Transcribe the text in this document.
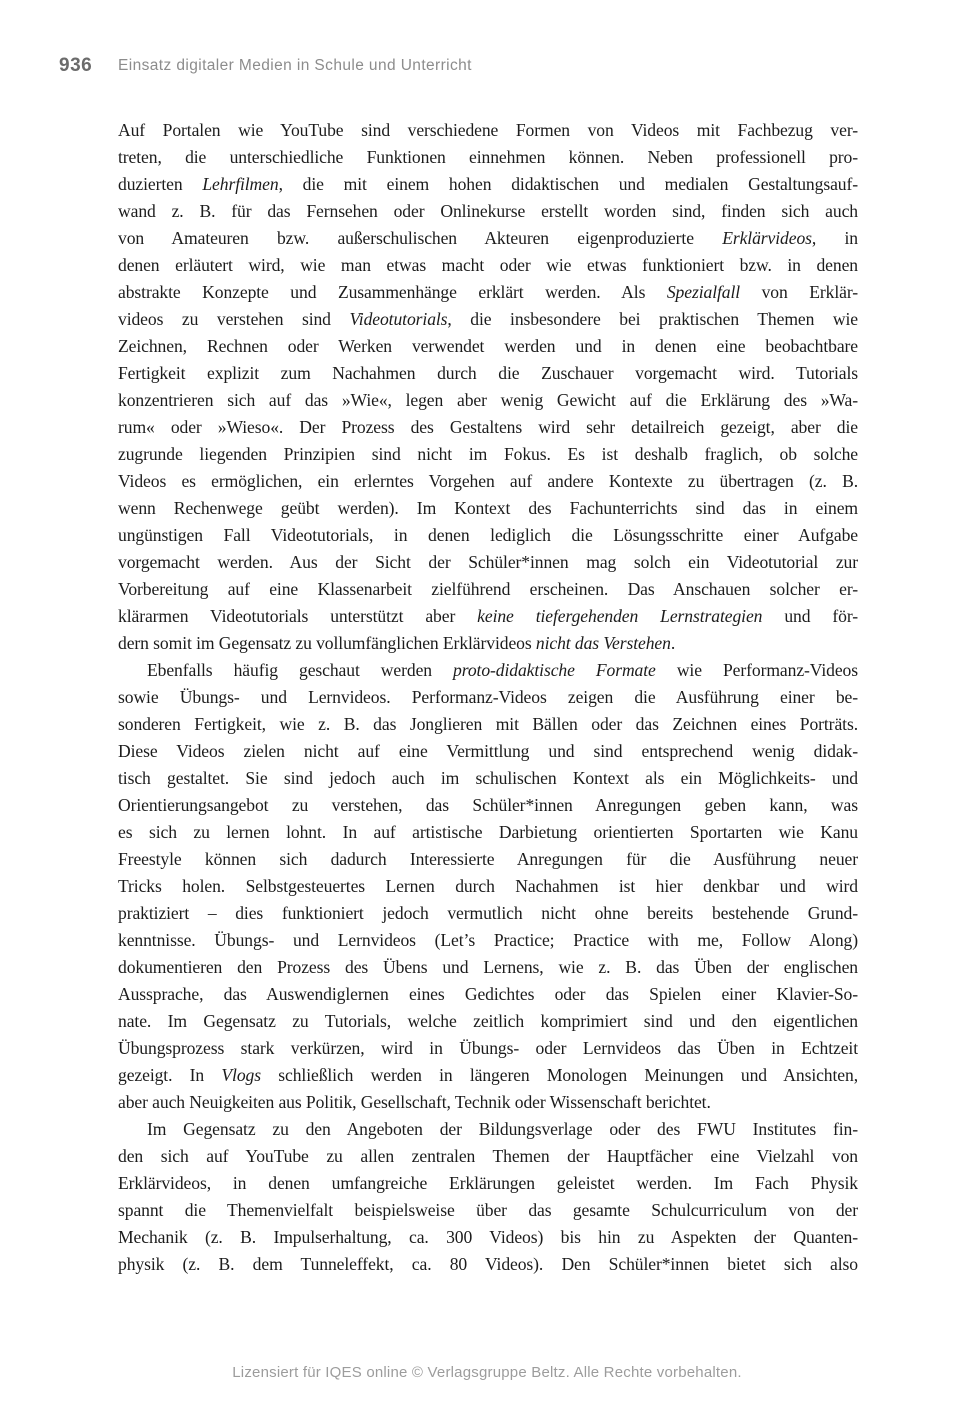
936 Einsatz digitaler Medien in Schule und Unterricht
Auf Portalen wie YouTube sind verschiedene Formen von Videos mit Fachbezug ver-
treten, die unterschiedliche Funktionen einnehmen können. Neben professionell pro-
duzierten Lehrfilmen, die mit einem hohen didaktischen und medialen Gestaltungsauf-
wand z. B. für das Fernsehen oder Onlinekurse erstellt worden sind, finden sich auch
von Amateuren bzw. außerschulischen Akteuren eigenproduzierte Erklärvideos, in
denen erläutert wird, wie man etwas macht oder wie etwas funktioniert bzw. in denen
abstrakte Konzepte und Zusammenhänge erklärt werden. Als Spezialfall von Erklär-
videos zu verstehen sind Videotutorials, die insbesondere bei praktischen Themen wie
Zeichnen, Rechnen oder Werken verwendet werden und in denen eine beobachtbare
Fertigkeit explizit zum Nachahmen durch die Zuschauer vorgemacht wird. Tutorials
konzentrieren sich auf das »Wie«, legen aber wenig Gewicht auf die Erklärung des »Wa-
rum« oder »Wieso«. Der Prozess des Gestaltens wird sehr detailreich gezeigt, aber die
zugrunde liegenden Prinzipien sind nicht im Fokus. Es ist deshalb fraglich, ob solche
Videos es ermöglichen, ein erlerntes Vorgehen auf andere Kontexte zu übertragen (z. B.
wenn Rechenwege geübt werden). Im Kontext des Fachunterrichts sind das in einem
ungünstigen Fall Videotutorials, in denen lediglich die Lösungsschritte einer Aufgabe
vorgemacht werden. Aus der Sicht der Schüler*innen mag solch ein Videotutorial zur
Vorbereitung auf eine Klassenarbeit zielführend erscheinen. Das Anschauen solcher er-
klärarmen Videotutorials unterstützt aber keine tiefergehenden Lernstrategien und för-
dern somit im Gegensatz zu vollumfänglichen Erklärvideos nicht das Verstehen.
Ebenfalls häufig geschaut werden proto-didaktische Formate wie Performanz-Videos
sowie Übungs- und Lernvideos. Performanz-Videos zeigen die Ausführung einer be-
sonderen Fertigkeit, wie z. B. das Jonglieren mit Bällen oder das Zeichnen eines Porträts.
Diese Videos zielen nicht auf eine Vermittlung und sind entsprechend wenig didak-
tisch gestaltet. Sie sind jedoch auch im schulischen Kontext als ein Möglichkeits- und
Orientierungsangebot zu verstehen, das Schüler*innen Anregungen geben kann, was
es sich zu lernen lohnt. In auf artistische Darbietung orientierten Sportarten wie Kanu
Freestyle können sich dadurch Interessierte Anregungen für die Ausführung neuer
Tricks holen. Selbstgesteuertes Lernen durch Nachahmen ist hier denkbar und wird
praktiziert – dies funktioniert jedoch vermutlich nicht ohne bereits bestehende Grund-
kenntnisse. Übungs- und Lernvideos (Let’s Practice; Practice with me, Follow Along)
dokumentieren den Prozess des Übens und Lernens, wie z. B. das Üben der englischen
Aussprache, das Auswendiglernen eines Gedichtes oder das Spielen einer Klavier-So-
nate. Im Gegensatz zu Tutorials, welche zeitlich komprimiert sind und den eigentlichen
Übungsprozess stark verkürzen, wird in Übungs- oder Lernvideos das Üben in Echtzeit
gezeigt. In Vlogs schließlich werden in längeren Monologen Meinungen und Ansichten,
aber auch Neuigkeiten aus Politik, Gesellschaft, Technik oder Wissenschaft berichtet.
Im Gegensatz zu den Angeboten der Bildungsverlage oder des FWU Institutes fin-
den sich auf YouTube zu allen zentralen Themen der Hauptfächer eine Vielzahl von
Erklärvideos, in denen umfangreiche Erklärungen geleistet werden. Im Fach Physik
spannt die Themenvielfalt beispielsweise über das gesamte Schulcurriculum von der
Mechanik (z. B. Impulserhaltung, ca. 300 Videos) bis hin zu Aspekten der Quanten-
physik (z. B. dem Tunneleffekt, ca. 80 Videos). Den Schüler*innen bietet sich also
Lizensiert für IQES online © Verlagsgruppe Beltz. Alle Rechte vorbehalten.
